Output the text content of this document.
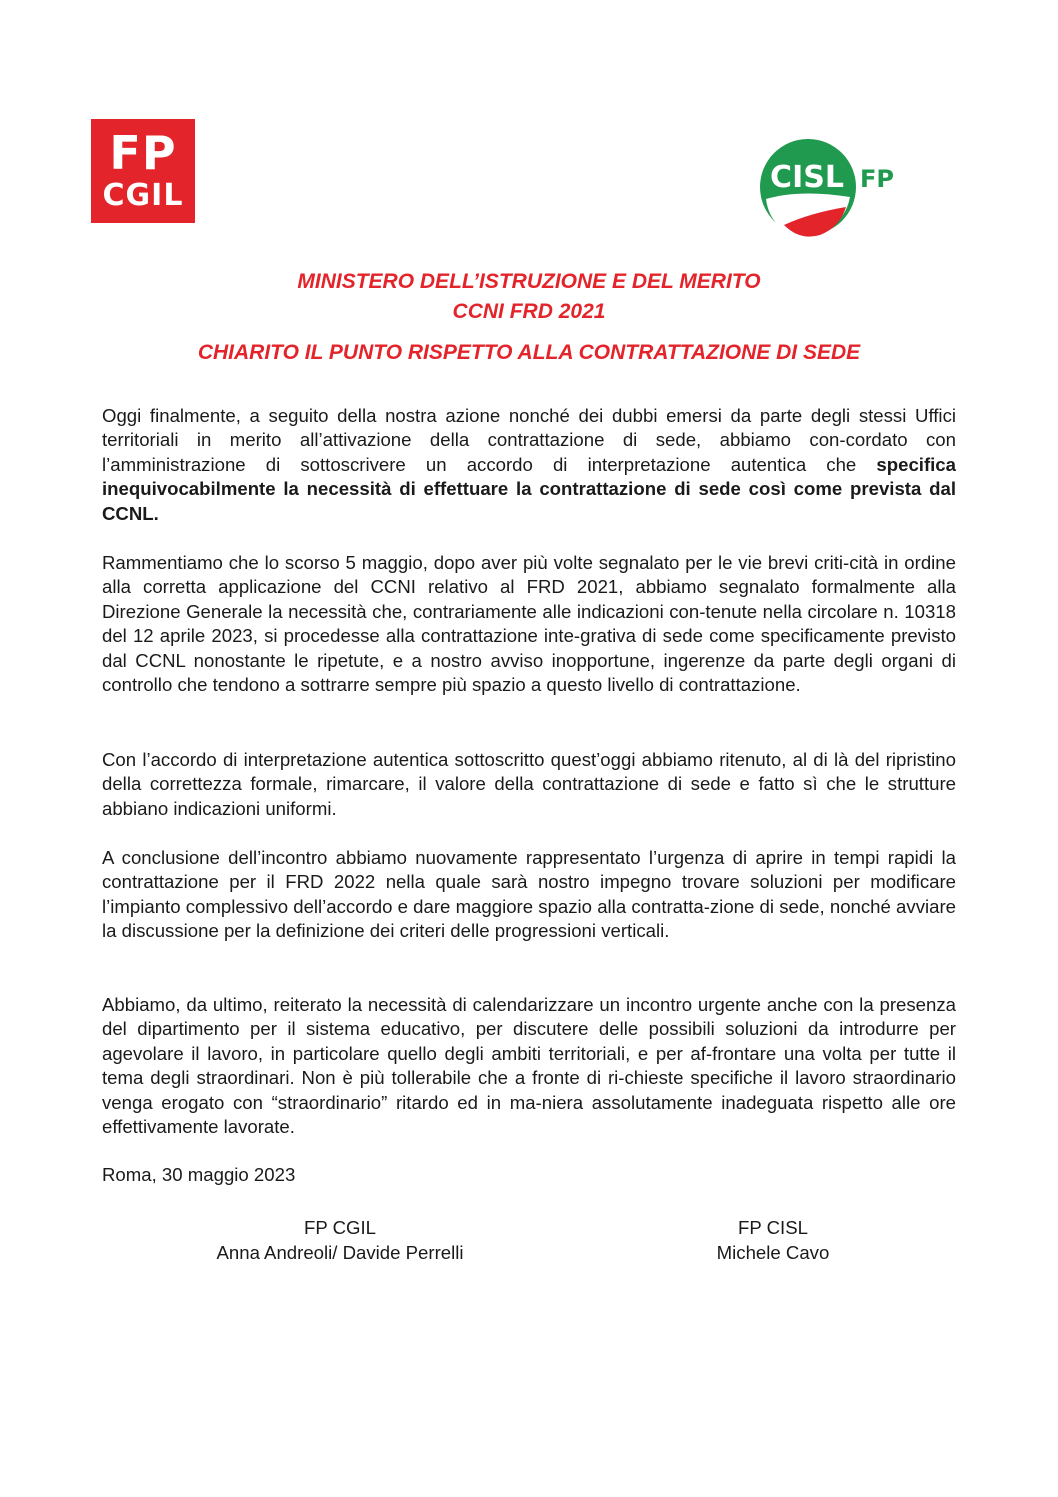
FP
CGIL
CISL FP
MINISTERO DELL’ISTRUZIONE E DEL MERITO
CCNI FRD 2021
CHIARITO IL PUNTO RISPETTO ALLA CONTRATTAZIONE DI SEDE

Oggi finalmente, a seguito della nostra azione nonché dei dubbi emersi da parte degli stessi Uffici territoriali in merito all’attivazione della contrattazione di sede, abbiamo con-cordato con l’amministrazione di sottoscrivere un accordo di interpretazione autentica che specifica inequivocabilmente la necessità di effettuare la contrattazione di sede così come prevista dal CCNL.

Rammentiamo che lo scorso 5 maggio, dopo aver più volte segnalato per le vie brevi criti-cità in ordine alla corretta applicazione del CCNI relativo al FRD 2021, abbiamo segnalato formalmente alla Direzione Generale la necessità che, contrariamente alle indicazioni con-tenute nella circolare n. 10318 del 12 aprile 2023, si procedesse alla contrattazione inte-grativa di sede come specificamente previsto dal CCNL nonostante le ripetute, e a nostro avviso inopportune, ingerenze da parte degli organi di controllo che tendono a sottrarre sempre più spazio a questo livello di contrattazione.

Con l’accordo di interpretazione autentica sottoscritto quest’oggi abbiamo ritenuto, al di là del ripristino della correttezza formale, rimarcare, il valore della contrattazione di sede e fatto sì che le strutture abbiano indicazioni uniformi.

A conclusione dell’incontro abbiamo nuovamente rappresentato l’urgenza di aprire in tempi rapidi la contrattazione per il FRD 2022 nella quale sarà nostro impegno trovare soluzioni per modificare l’impianto complessivo dell’accordo e dare maggiore spazio alla contratta-zione di sede, nonché avviare la discussione per la definizione dei criteri delle progressioni verticali.

Abbiamo, da ultimo, reiterato la necessità di calendarizzare un incontro urgente anche con la presenza del dipartimento per il sistema educativo, per discutere delle possibili soluzioni da introdurre per agevolare il lavoro, in particolare quello degli ambiti territoriali, e per af-frontare una volta per tutte il tema degli straordinari. Non è più tollerabile che a fronte di ri-chieste specifiche il lavoro straordinario venga erogato con “straordinario” ritardo ed in ma-niera assolutamente inadeguata rispetto alle ore effettivamente lavorate.

Roma, 30 maggio 2023

FP CGIL
Anna Andreoli/ Davide Perrelli
FP CISL
Michele Cavo
